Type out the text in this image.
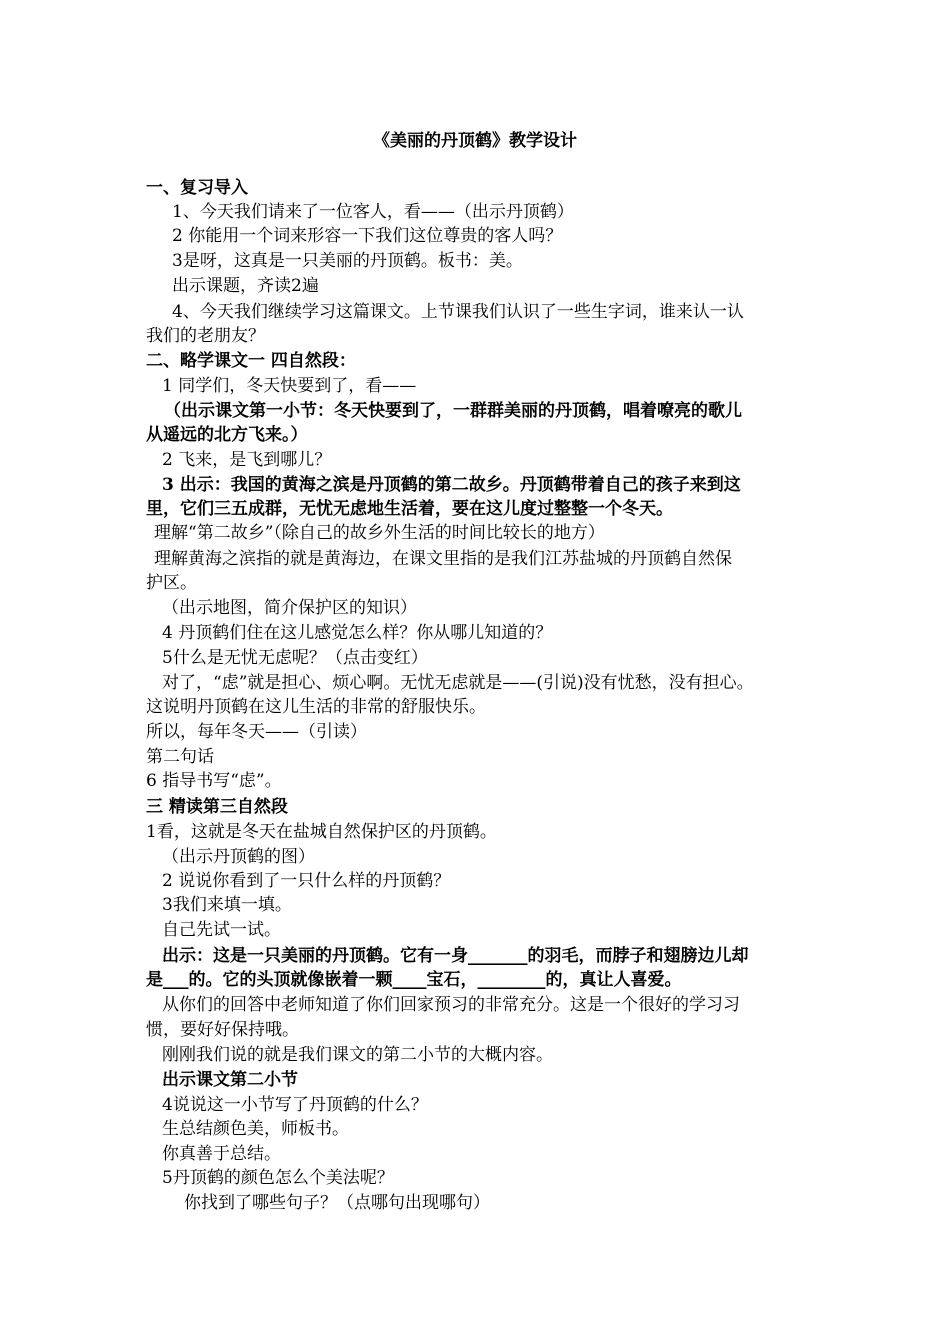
《美丽的丹顶鹤》教学设计
一、复习导入
1、今天我们请来了一位客人，看——（出示丹顶鹤）
2 你能用一个词来形容一下我们这位尊贵的客人吗？
3是呀，这真是一只美丽的丹顶鹤。板书：美。
出示课题，齐读2遍
4、今天我们继续学习这篇课文。上节课我们认识了一些生字词，谁来认一认
我们的老朋友？
二、略学课文一 四自然段：
1 同学们，冬天快要到了，看——
（出示课文第一小节：冬天快要到了，一群群美丽的丹顶鹤，唱着嘹亮的歌儿
从遥远的北方飞来。）
2 飞来，是飞到哪儿？
3 出示：我国的黄海之滨是丹顶鹤的第二故乡。丹顶鹤带着自己的孩子来到这
里，它们三五成群，无忧无虑地生活着，要在这儿度过整整一个冬天。
理解“第二故乡”（除自己的故乡外生活的时间比较长的地方）
理解黄海之滨指的就是黄海边，在课文里指的是我们江苏盐城的丹顶鹤自然保
护区。
（出示地图，简介保护区的知识）
4 丹顶鹤们住在这儿感觉怎么样？你从哪儿知道的？
5什么是无忧无虑呢？（点击变红）
对了，“虑”就是担心、烦心啊。无忧无虑就是——(引说)没有忧愁，没有担心。
这说明丹顶鹤在这儿生活的非常的舒服快乐。
所以，每年冬天——（引读）
第二句话
6 指导书写“虑”。
三 精读第三自然段
1看，这就是冬天在盐城自然保护区的丹顶鹤。
（出示丹顶鹤的图）
2 说说你看到了一只什么样的丹顶鹤？
3我们来填一填。
自己先试一试。
出示：这是一只美丽的丹顶鹤。它有一身_______的羽毛，而脖子和翅膀边儿却
是___的。它的头顶就像嵌着一颗____宝石，________的，真让人喜爱。
从你们的回答中老师知道了你们回家预习的非常充分。这是一个很好的学习习
惯，要好好保持哦。
刚刚我们说的就是我们课文的第二小节的大概内容。
出示课文第二小节
4说说这一小节写了丹顶鹤的什么？
生总结颜色美，师板书。
你真善于总结。
5丹顶鹤的颜色怎么个美法呢？
你找到了哪些句子？（点哪句出现哪句）
